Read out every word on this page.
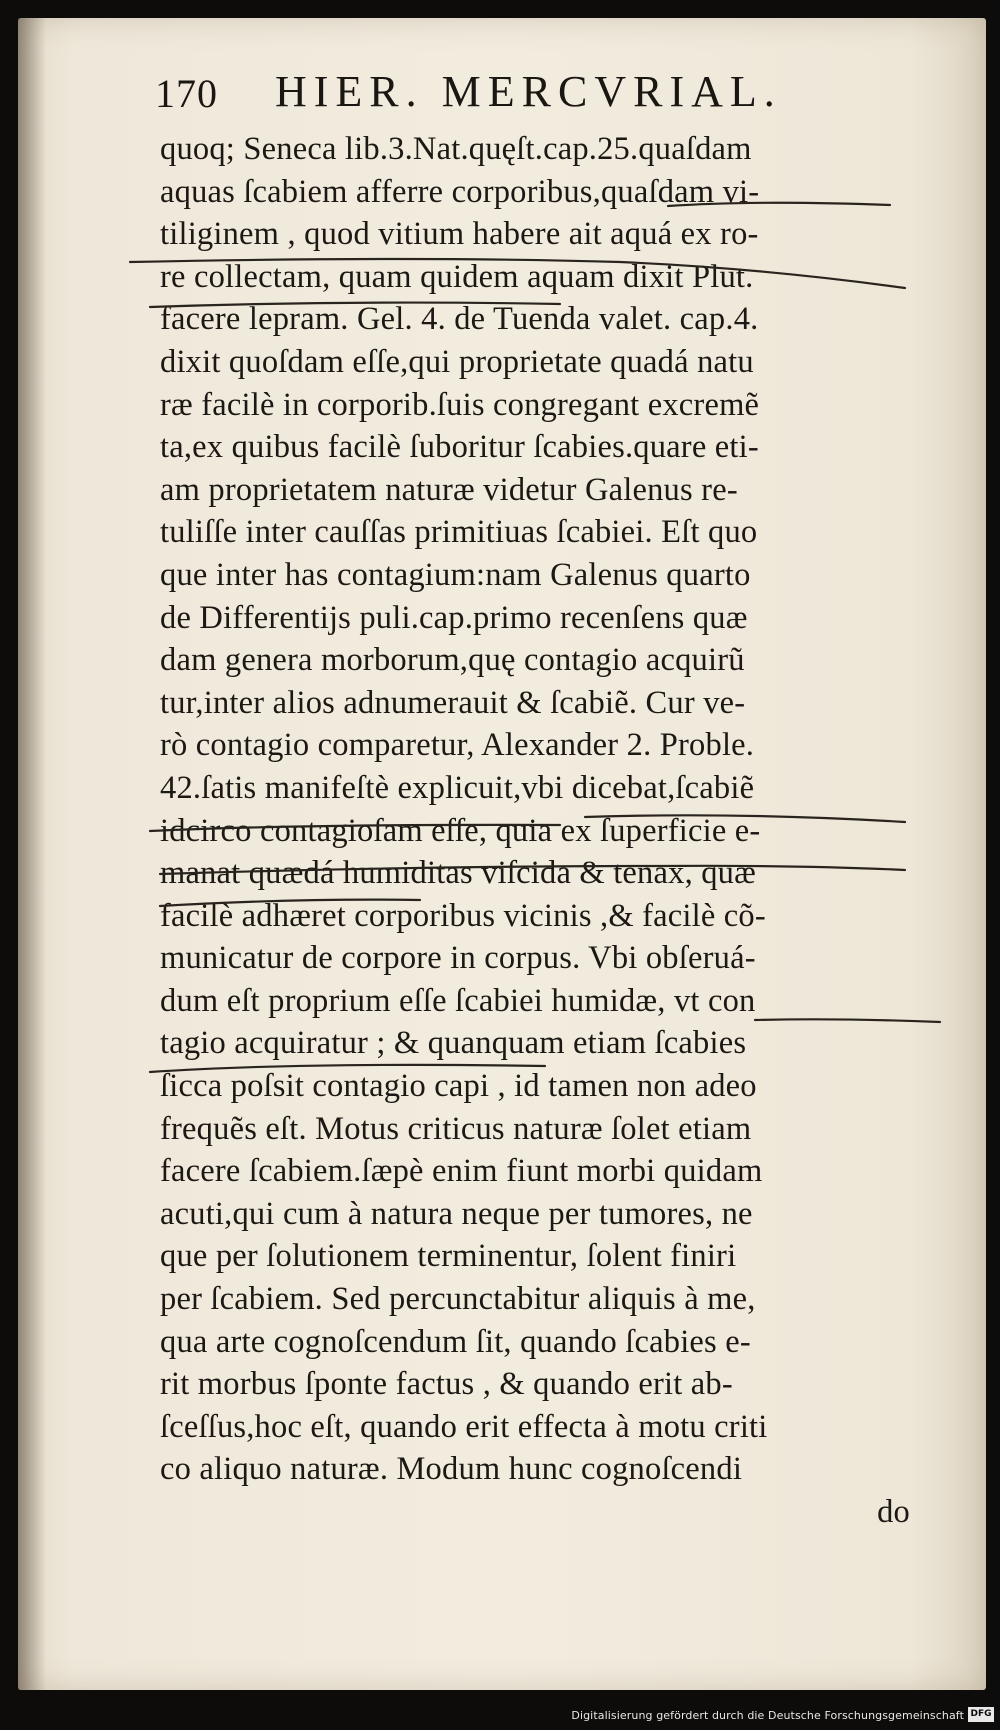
170 HIER. MERCVRIAL.
quoq; Seneca lib.3.Nat.quęſt.cap.25.quaſdam
aquas ſcabiem afferre corporibus,quaſdam vi-
tiliginem , quod vitium habere ait aquá ex ro-
re collectam, quam quidem aquam dixit Plut.
facere lepram. Gel. 4. de Tuenda valet. cap.4.
dixit quoſdam eſſe,qui proprietate quadá natu
ræ facilè in corporib.ſuis congregant excremẽ
ta,ex quibus facilè ſuboritur ſcabies.quare eti-
am proprietatem naturæ videtur Galenus re-
tuliſſe inter cauſſas primitiuas ſcabiei. Eſt quo
que inter has contagium:nam Galenus quarto
de Differentijs puli.cap.primo recenſens quæ
dam genera morborum,quę contagio acquirũ
tur,inter alios adnumerauit & ſcabiẽ. Cur ve-
rò contagio comparetur, Alexander 2. Proble.
42.ſatis manifeſtè explicuit,vbi dicebat,ſcabiẽ
idcirco contagioſam eſſe, quia ex ſuperficie e-
manat quædá humiditas viſcida & tenax, quæ
facilè adhæret corporibus vicinis ,& facilè cõ-
municatur de corpore in corpus. Vbi obſeruá-
dum eſt proprium eſſe ſcabiei humidæ, vt con
tagio acquiratur ; & quanquam etiam ſcabies
ſicca poſsit contagio capi , id tamen non adeo
frequẽs eſt. Motus criticus naturæ ſolet etiam
facere ſcabiem.ſæpè enim fiunt morbi quidam
acuti,qui cum à natura neque per tumores, ne
que per ſolutionem terminentur, ſolent finiri
per ſcabiem. Sed percunctabitur aliquis à me,
qua arte cognoſcendum ſit, quando ſcabies e-
rit morbus ſponte factus , & quando erit ab-
ſceſſus,hoc eſt, quando erit effecta à motu criti
co aliquo naturæ. Modum hunc cognoſcendi
do
Digitalisierung gefördert durch die Deutsche Forschungsgemeinschaft DFG
